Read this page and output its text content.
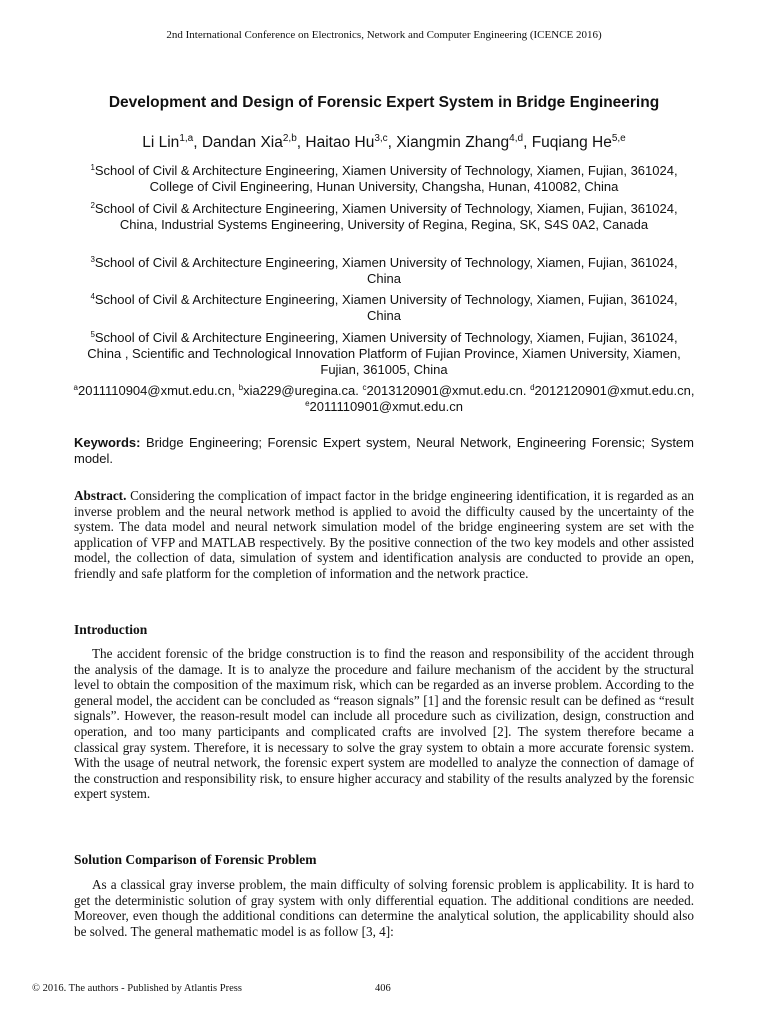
2nd International Conference on Electronics, Network and Computer Engineering (ICENCE 2016)
Development and Design of Forensic Expert System in Bridge Engineering
Li Lin$^{1,a}$, Dandan Xia$^{2,b}$, Haitao Hu$^{3,c}$, Xiangmin Zhang$^{4,d}$, Fuqiang He$^{5,e}$
$^1$School of Civil & Architecture Engineering, Xiamen University of Technology, Xiamen, Fujian, 361024, College of Civil Engineering, Hunan University, Changsha, Hunan, 410082, China
$^2$School of Civil & Architecture Engineering, Xiamen University of Technology, Xiamen, Fujian, 361024, China, Industrial Systems Engineering, University of Regina, Regina, SK, S4S 0A2, Canada
$^3$School of Civil & Architecture Engineering, Xiamen University of Technology, Xiamen, Fujian, 361024, China
$^4$School of Civil & Architecture Engineering, Xiamen University of Technology, Xiamen, Fujian, 361024, China
$^5$School of Civil & Architecture Engineering, Xiamen University of Technology, Xiamen, Fujian, 361024, China , Scientific and Technological Innovation Platform of Fujian Province, Xiamen University, Xiamen, Fujian, 361005, China
$^a$2011110904@xmut.edu.cn, $^b$xia229@uregina.ca. $^c$2013120901@xmut.edu.cn. $^d$2012120901@xmut.edu.cn, $^e$2011110901@xmut.edu.cn
Keywords: Bridge Engineering; Forensic Expert system, Neural Network, Engineering Forensic; System model.
Abstract. Considering the complication of impact factor in the bridge engineering identification, it is regarded as an inverse problem and the neural network method is applied to avoid the difficulty caused by the uncertainty of the system. The data model and neural network simulation model of the bridge engineering system are set with the application of VFP and MATLAB respectively. By the positive connection of the two key models and other assisted model, the collection of data, simulation of system and identification analysis are conducted to provide an open, friendly and safe platform for the completion of information and the network practice.
Introduction
The accident forensic of the bridge construction is to find the reason and responsibility of the accident through the analysis of the damage. It is to analyze the procedure and failure mechanism of the accident by the structural level to obtain the composition of the maximum risk, which can be regarded as an inverse problem. According to the general model, the accident can be concluded as “reason signals” [1] and the forensic result can be defined as “result signals”. However, the reason-result model can include all procedure such as civilization, design, construction and operation, and too many participants and complicated crafts are involved [2]. The system therefore became a classical gray system. Therefore, it is necessary to solve the gray system to obtain a more accurate forensic system. With the usage of neutral network, the forensic expert system are modelled to analyze the connection of damage of the construction and responsibility risk, to ensure higher accuracy and stability of the results analyzed by the forensic expert system.
Solution Comparison of Forensic Problem
As a classical gray inverse problem, the main difficulty of solving forensic problem is applicability. It is hard to get the deterministic solution of gray system with only differential equation. The additional conditions are needed. Moreover, even though the additional conditions can determine the analytical solution, the applicability should also be solved. The general mathematic model is as follow [3, 4]:
© 2016. The authors - Published by Atlantis Press	406
